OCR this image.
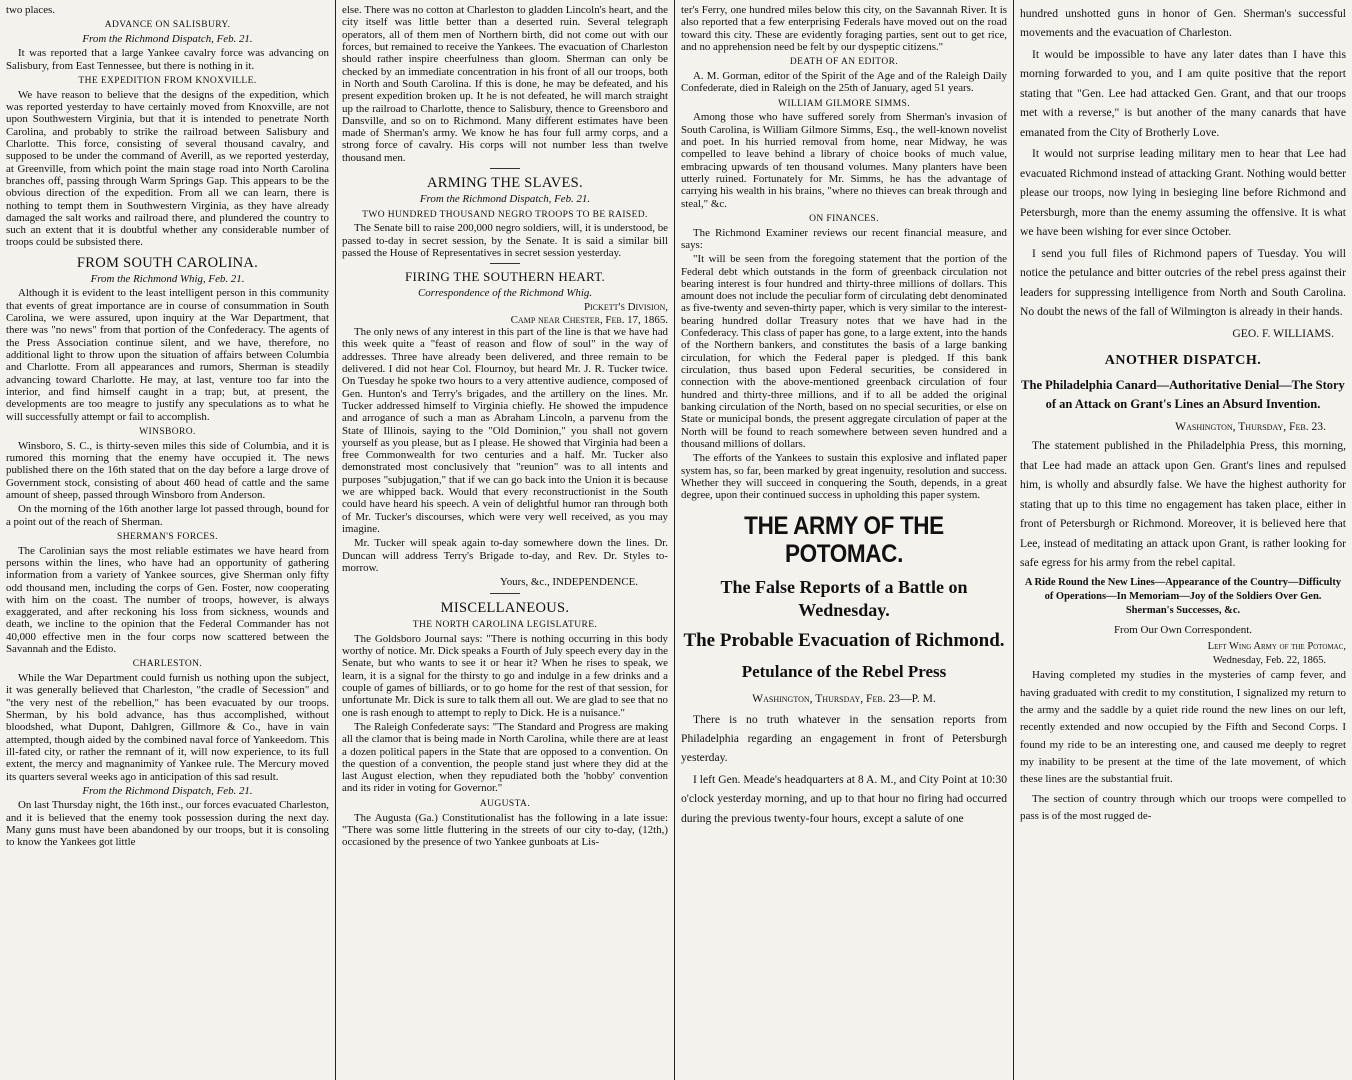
two places.

ADVANCE ON SALISBURY.
From the Richmond Dispatch, Feb. 21.

It was reported that a large Yankee cavalry force was advancing on Salisbury, from East Tennessee, but there is nothing in it.

THE EXPEDITION FROM KNOXVILLE.

We have reason to believe that the designs of the expedition, which was reported yesterday to have certainly moved from Knoxville, are not upon Southwestern Virginia, but that it is intended to penetrate North Carolina, and probably to strike the railroad between Salisbury and Charlotte. This force, consisting of several thousand cavalry, and supposed to be under the command of Averill, as we reported yesterday, at Greenville, from which point the main stage road into North Carolina branches off, passing through Warm Springs Gap. This appears to be the obvious direction of the expedition. From all we can learn, there is nothing to tempt them in Southwestern Virginia, as they have already damaged the salt works and railroad there, and plundered the country to such an extent that it is doubtful whether any considerable number of troops could be subsisted there.

FROM SOUTH CAROLINA.
From the Richmond Whig, Feb. 21.

Although it is evident to the least intelligent person in this community that events of great importance are in course of consummation in South Carolina, we were assured, upon inquiry at the War Department, that there was "no news" from that portion of the Confederacy. The agents of the Press Association continue silent, and we have, therefore, no additional light to throw upon the situation of affairs between Columbia and Charlotte. From all appearances and rumors, Sherman is steadily advancing toward Charlotte. He may, at last, venture too far into the interior, and find himself caught in a trap; but, at present, the developments are too meagre to justify any speculations as to what he will successfully attempt or fail to accomplish.

WINSBORO.

Winsboro, S. C., is thirty-seven miles this side of Columbia, and it is rumored this morning that the enemy have occupied it. The news published there on the 16th stated that on the day before a large drove of Government stock, consisting of about 460 head of cattle and the same amount of sheep, passed through Winsboro from Anderson.

On the morning of the 16th another large lot passed through, bound for a point out of the reach of Sherman.

SHERMAN'S FORCES.

The Carolinian says the most reliable estimates we have heard from persons within the lines, who have had an opportunity of gathering information from a variety of Yankee sources, give Sherman only fifty odd thousand men, including the corps of Gen. Foster, now cooperating with him on the coast. The number of troops, however, is always exaggerated, and after reckoning his loss from sickness, wounds and death, we incline to the opinion that the Federal Commander has not 40,000 effective men in the four corps now scattered between the Savannah and the Edisto.

CHARLESTON.

While the War Department could furnish us nothing upon the subject, it was generally believed that Charleston, "the cradle of Secession" and "the very nest of the rebellion," has been evacuated by our troops. Sherman, by his bold advance, has thus accomplished, without bloodshed, what Dupont, Dahlgren, Gillmore & Co., have in vain attempted, though aided by the combined naval force of Yankeedom. This ill-fated city, or rather the remnant of it, will now experience, to its full extent, the mercy and magnanimity of Yankee rule. The Mercury moved its quarters several weeks ago in anticipation of this sad result.

From the Richmond Dispatch, Feb. 21.

On last Thursday night, the 16th inst., our forces evacuated Charleston, and it is believed that the enemy took possession during the next day. Many guns must have been abandoned by our troops, but it is consoling to know the Yankees got little

else. There was no cotton at Charleston to gladden Lincoln's heart, and the city itself was little better than a deserted ruin. Several telegraph operators, all of them men of Northern birth, did not come out with our forces, but remained to receive the Yankees. The evacuation of Charleston should rather inspire cheerfulness than gloom. Sherman can only be checked by an immediate concentration in his front of all our troops, both in North and South Carolina. If this is done, he may be defeated, and his present expedition broken up. It he is not defeated, he will march straight up the railroad to Charlotte, thence to Salisbury, thence to Greensboro and Dansville, and so on to Richmond. Many different estimates have been made of Sherman's army. We know he has four full army corps, and a strong force of cavalry. His corps will not number less than twelve thousand men.

ARMING THE SLAVES.
From the Richmond Dispatch, Feb. 21.
TWO HUNDRED THOUSAND NEGRO TROOPS TO BE RAISED.

The Senate bill to raise 200,000 negro soldiers, will, it is understood, be passed to-day in secret session, by the Senate. It is said a similar bill passed the House of Representatives in secret session yesterday.

FIRING THE SOUTHERN HEART.
Correspondence of the Richmond Whig.
Pickett's Division,
Camp near Chester, Feb. 17, 1865.

The only news of any interest in this part of the line is that we have had this week quite a "feast of reason and flow of soul" in the way of addresses. Three have already been delivered, and three remain to be delivered. I did not hear Col. Flournoy, but heard Mr. J. R. Tucker twice. On Tuesday he spoke two hours to a very attentive audience, composed of Gen. Hunton's and Terry's brigades, and the artillery on the lines. Mr. Tucker addressed himself to Virginia chiefly. He showed the impudence and arrogance of such a man as Abraham Lincoln, a parvenu from the State of Illinois, saying to the "Old Dominion," you shall not govern yourself as you please, but as I please. He showed that Virginia had been a free Commonwealth for two centuries and a half. Mr. Tucker also demonstrated most conclusively that "reunion" was to all intents and purposes "subjugation," that if we can go back into the Union it is because we are whipped back. Would that every reconstructionist in the South could have heard his speech. A vein of delightful humor ran through both of Mr. Tucker's discourses, which were very well received, as you may imagine.

Mr. Tucker will speak again to-day somewhere down the lines. Dr. Duncan will address Terry's Brigade to-day, and Rev. Dr. Styles to-morrow.

Yours, &c., INDEPENDENCE.
MISCELLANEOUS.
THE NORTH CAROLINA LEGISLATURE.

The Goldsboro Journal says: "There is nothing occurring in this body worthy of notice. Mr. Dick speaks a Fourth of July speech every day in the Senate, but who wants to see it or hear it? When he rises to speak, we learn, it is a signal for the thirsty to go and indulge in a few drinks and a couple of games of billiards, or to go home for the rest of that session, for unfortunate Mr. Dick is sure to talk them all out. We are glad to see that no one is rash enough to attempt to reply to Dick. He is a nuisance."

The Raleigh Confederate says: "The Standard and Progress are making all the clamor that is being made in North Carolina, while there are at least a dozen political papers in the State that are opposed to a convention. On the question of a convention, the people stand just where they did at the last August election, when they repudiated both the 'hobby' convention and its rider in voting for Governor."

AUGUSTA.

The Augusta (Ga.) Constitutionalist has the following in a late issue: "There was some little fluttering in the streets of our city to-day, (12th,) occasioned by the presence of two Yankee gunboats at Lis-

ter's Ferry, one hundred miles below this city, on the Savannah River. It is also reported that a few enterprising Federals have moved out on the road toward this city. These are evidently foraging parties, sent out to get rice, and no apprehension need be felt by our dyspeptic citizens."

DEATH OF AN EDITOR.

A. M. Gorman, editor of the Spirit of the Age and of the Raleigh Daily Confederate, died in Raleigh on the 25th of January, aged 51 years.

WILLIAM GILMORE SIMMS.

Among those who have suffered sorely from Sherman's invasion of South Carolina, is William Gilmore Simms, Esq., the well-known novelist and poet. In his hurried removal from home, near Midway, he was compelled to leave behind a library of choice books of much value, embracing upwards of ten thousand volumes. Many planters have been utterly ruined. Fortunately for Mr. Simms, he has the advantage of carrying his wealth in his brains, "where no thieves can break through and steal," &c.

ON FINANCES.

The Richmond Examiner reviews our recent financial measure, and says:

"It will be seen from the foregoing statement that the portion of the Federal debt which outstands in the form of greenback circulation not bearing interest is four hundred and thirty-three millions of dollars. This amount does not include the peculiar form of circulating debt denominated as five-twenty and seven-thirty paper, which is very similar to the interest-bearing hundred dollar Treasury notes that we have had in the Confederacy. This class of paper has gone, to a large extent, into the hands of the Northern bankers, and constitutes the basis of a large banking circulation, for which the Federal paper is pledged. If this bank circulation, thus based upon Federal securities, be considered in connection with the above-mentioned greenback circulation of four hundred and thirty-three millions, and if to all be added the original banking circulation of the North, based on no special securities, or else on State or municipal bonds, the present aggregate circulation of paper at the North will be found to reach somewhere between seven hundred and a thousand millions of dollars.

The efforts of the Yankees to sustain this explosive and inflated paper system has, so far, been marked by great ingenuity, resolution and success. Whether they will succeed in conquering the South, depends, in a great degree, upon their continued success in upholding this paper system.

THE ARMY OF THE POTOMAC.
The False Reports of a Battle on Wednesday.
The Probable Evacuation of Richmond.
Petulance of the Rebel Press
Washington, Thursday, Feb. 23—P. M.

There is no truth whatever in the sensation reports from Philadelphia regarding an engagement in front of Petersburgh yesterday.

I left Gen. Meade's headquarters at 8 A. M., and City Point at 10:30 o'clock yesterday morning, and up to that hour no firing had occurred during the previous twenty-four hours, except a salute of one

hundred unshotted guns in honor of Gen. Sherman's successful movements and the evacuation of Charleston.

It would be impossible to have any later dates than I have this morning forwarded to you, and I am quite positive that the report stating that "Gen. Lee had attacked Gen. Grant, and that our troops met with a reverse," is but another of the many canards that have emanated from the City of Brotherly Love.

It would not surprise leading military men to hear that Lee had evacuated Richmond instead of attacking Grant. Nothing would better please our troops, now lying in besieging line before Richmond and Petersburgh, more than the enemy assuming the offensive. It is what we have been wishing for ever since October.

I send you full files of Richmond papers of Tuesday. You will notice the petulance and bitter outcries of the rebel press against their leaders for suppressing intelligence from North and South Carolina. No doubt the news of the fall of Wilmington is already in their hands.

GEO. F. WILLIAMS.
ANOTHER DISPATCH.
The Philadelphia Canard—Authoritative Denial—The Story of an Attack on Grant's Lines an Absurd Invention.
Washington, Thursday, Feb. 23.

The statement published in the Philadelphia Press, this morning, that Lee had made an attack upon Gen. Grant's lines and repulsed him, is wholly and absurdly false. We have the highest authority for stating that up to this time no engagement has taken place, either in front of Petersburgh or Richmond. Moreover, it is believed here that Lee, instead of meditating an attack upon Grant, is rather looking for safe egress for his army from the rebel capital.

A Ride Round the New Lines—Appearance of the Country—Difficulty of Operations—In Memoriam—Joy of the Soldiers Over Gen. Sherman's Successes, &c.
From Our Own Correspondent.
Left Wing Army of the Potomac,
Wednesday, Feb. 22, 1865.

Having completed my studies in the mysteries of camp fever, and having graduated with credit to my constitution, I signalized my return to the army and the saddle by a quiet ride round the new lines on our left, recently extended and now occupied by the Fifth and Second Corps. I found my ride to be an interesting one, and caused me deeply to regret my inability to be present at the time of the late movement, of which these lines are the substantial fruit.

The section of country through which our troops were compelled to pass is of the most rugged de-
